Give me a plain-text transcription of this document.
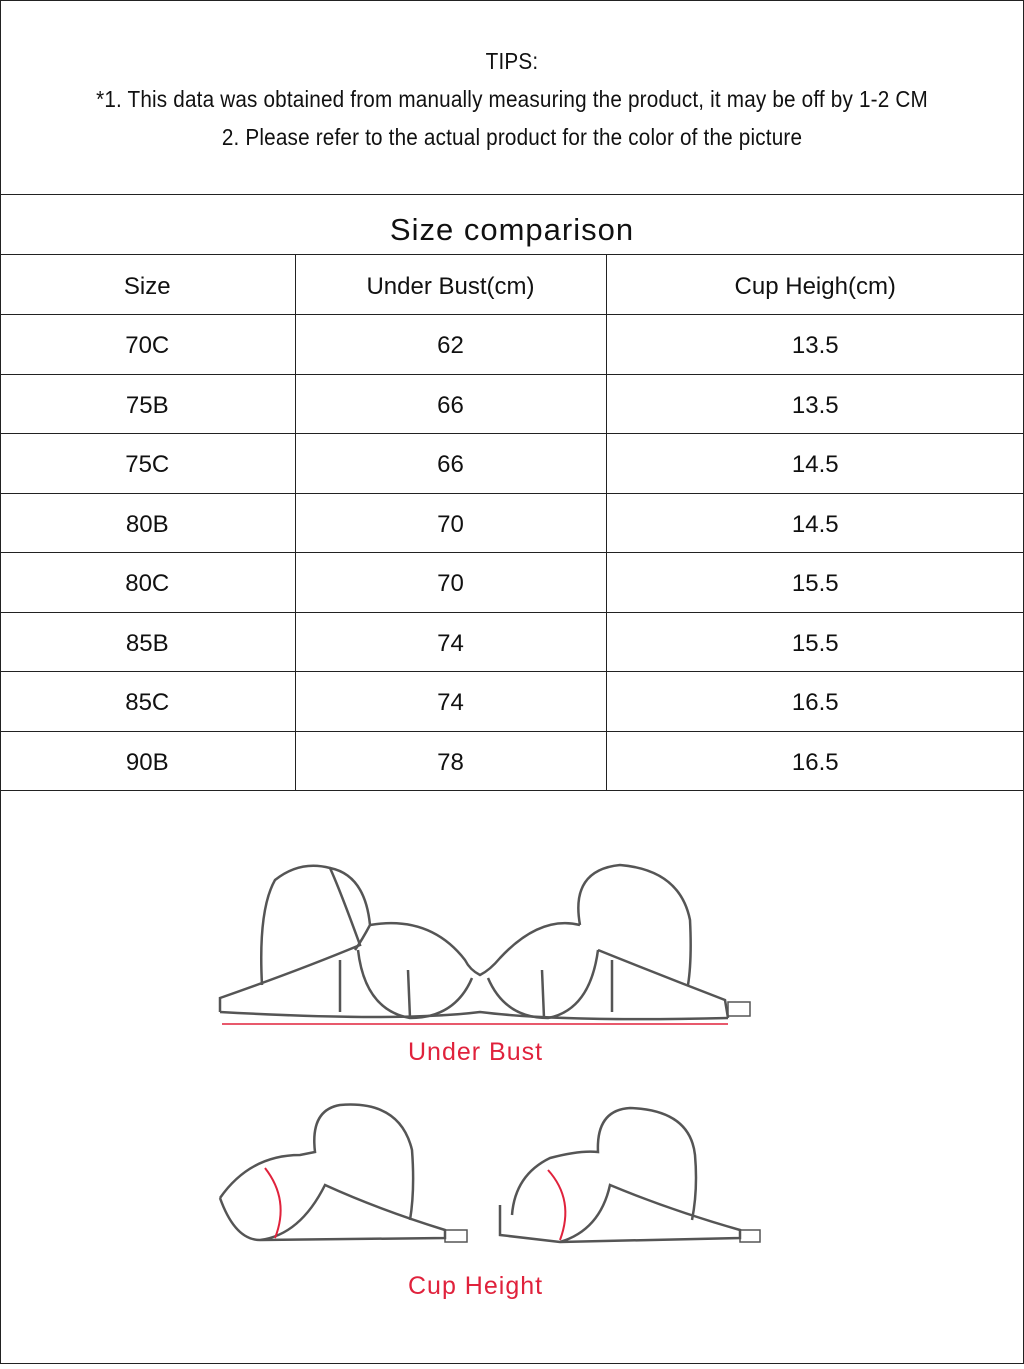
TIPS:
*1. This data was obtained from manually measuring the product, it may be off by 1-2 CM
2. Please refer to the actual product for the color of the picture
Size comparison
Size	Under Bust(cm)	Cup Heigh(cm)
70C	62	13.5
75B	66	13.5
75C	66	14.5
80B	70	14.5
80C	70	15.5
85B	74	15.5
85C	74	16.5
90B	78	16.5
Under Bust
Cup Height
